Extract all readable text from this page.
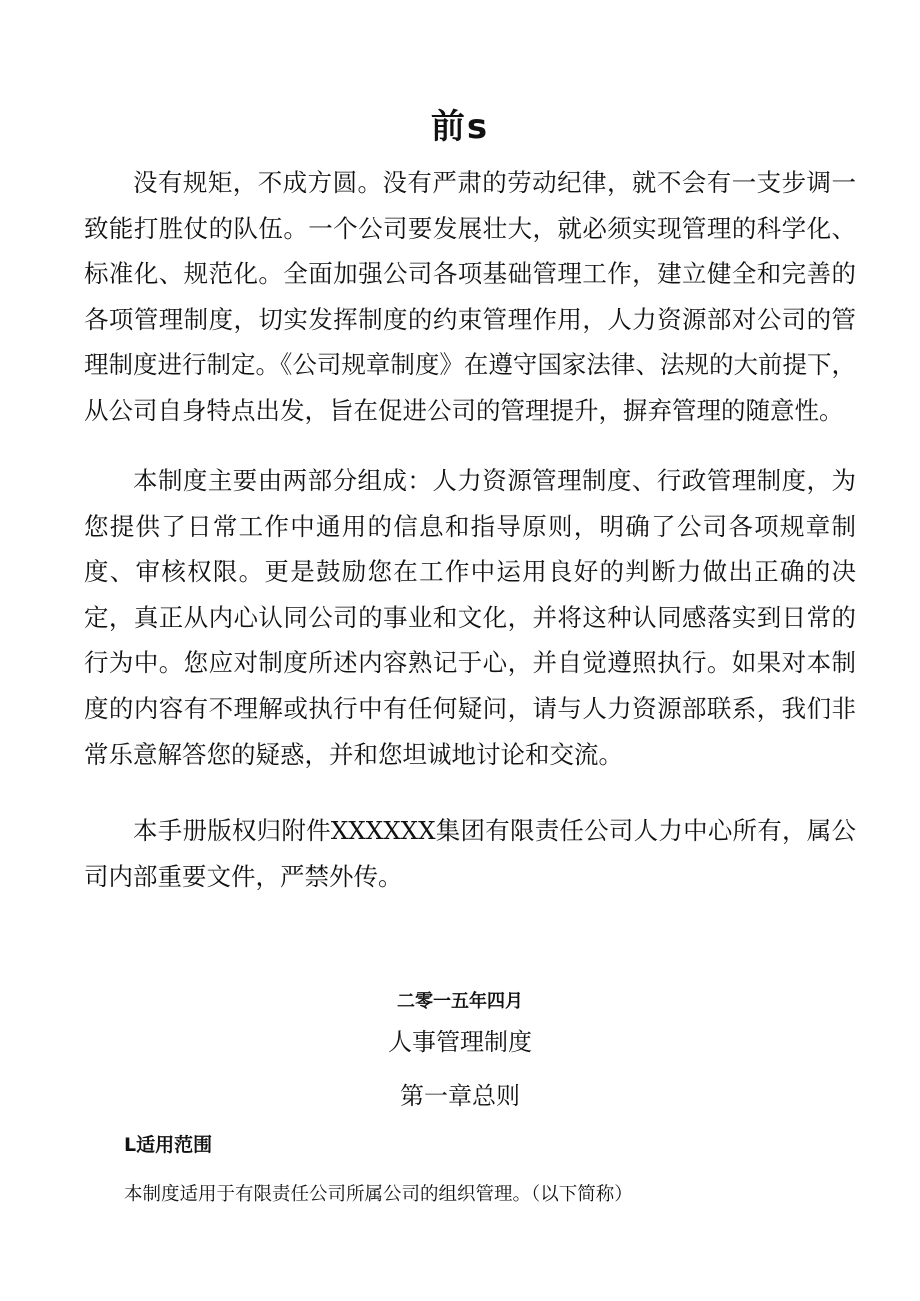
前s

没有规矩，不成方圆。没有严肃的劳动纪律，就不会有一支步调一致能打胜仗的队伍。一个公司要发展壮大，就必须实现管理的科学化、标准化、规范化。全面加强公司各项基础管理工作，建立健全和完善的各项管理制度，切实发挥制度的约束管理作用，人力资源部对公司的管理制度进行制定。《公司规章制度》在遵守国家法律、法规的大前提下，从公司自身特点出发，旨在促进公司的管理提升，摒弃管理的随意性。

本制度主要由两部分组成：人力资源管理制度、行政管理制度，为您提供了日常工作中通用的信息和指导原则，明确了公司各项规章制度、审核权限。更是鼓励您在工作中运用良好的判断力做出正确的决定，真正从内心认同公司的事业和文化，并将这种认同感落实到日常的行为中。您应对制度所述内容熟记于心，并自觉遵照执行。如果对本制度的内容有不理解或执行中有任何疑问，请与人力资源部联系，我们非常乐意解答您的疑惑，并和您坦诚地讨论和交流。

本手册版权归附件XXXXXX集团有限责任公司人力中心所有，属公司内部重要文件，严禁外传。

二零一五年四月

人事管理制度

第一章总则

L适用范围

本制度适用于有限责任公司所属公司的组织管理。（以下简称）
